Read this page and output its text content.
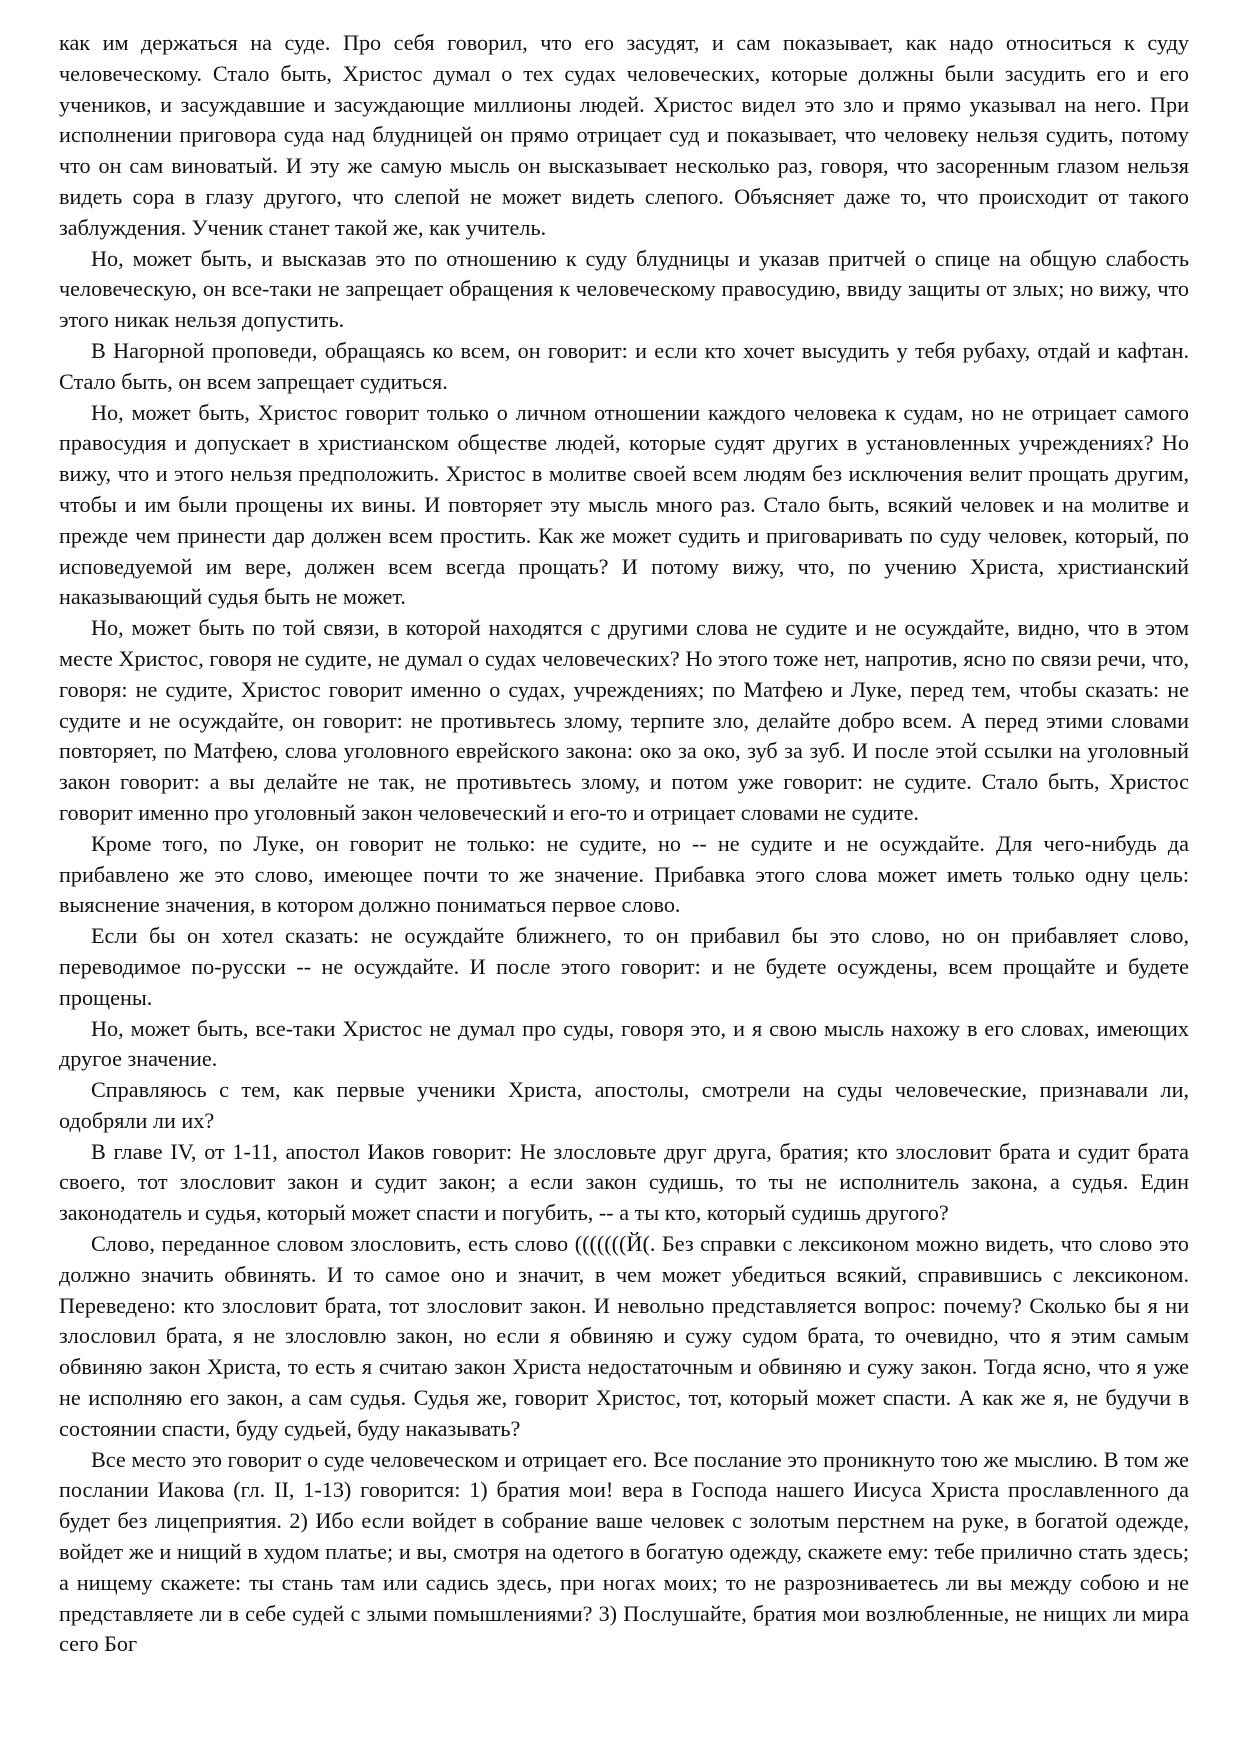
как им держаться на суде. Про себя говорил, что его засудят, и сам показывает, как надо относиться к суду человеческому. Стало быть, Христос думал о тех судах человеческих, которые должны были засудить его и его учеников, и засуждавшие и засуждающие миллионы людей. Христос видел это зло и прямо указывал на него. При исполнении приговора суда над блудницей он прямо отрицает суд и показывает, что человеку нельзя судить, потому что он сам виноватый. И эту же самую мысль он высказывает несколько раз, говоря, что засоренным глазом нельзя видеть сора в глазу другого, что слепой не может видеть слепого. Объясняет даже то, что происходит от такого заблуждения. Ученик станет такой же, как учитель.

Но, может быть, и высказав это по отношению к суду блудницы и указав притчей о спице на общую слабость человеческую, он все-таки не запрещает обращения к человеческому правосудию, ввиду защиты от злых; но вижу, что этого никак нельзя допустить.

В Нагорной проповеди, обращаясь ко всем, он говорит: и если кто хочет высудить у тебя рубаху, отдай и кафтан. Стало быть, он всем запрещает судиться.

Но, может быть, Христос говорит только о личном отношении каждого человека к судам, но не отрицает самого правосудия и допускает в христианском обществе людей, которые судят других в установленных учреждениях? Но вижу, что и этого нельзя предположить. Христос в молитве своей всем людям без исключения велит прощать другим, чтобы и им были прощены их вины. И повторяет эту мысль много раз. Стало быть, всякий человек и на молитве и прежде чем принести дар должен всем простить. Как же может судить и приговаривать по суду человек, который, по исповедуемой им вере, должен всем всегда прощать? И потому вижу, что, по учению Христа, христианский наказывающий судья быть не может.

Но, может быть по той связи, в которой находятся с другими слова не судите и не осуждайте, видно, что в этом месте Христос, говоря не судите, не думал о судах человеческих? Но этого тоже нет, напротив, ясно по связи речи, что, говоря: не судите, Христос говорит именно о судах, учреждениях; по Матфею и Луке, перед тем, чтобы сказать: не судите и не осуждайте, он говорит: не противьтесь злому, терпите зло, делайте добро всем. А перед этими словами повторяет, по Матфею, слова уголовного еврейского закона: око за око, зуб за зуб. И после этой ссылки на уголовный закон говорит: а вы делайте не так, не противьтесь злому, и потом уже говорит: не судите. Стало быть, Христос говорит именно про уголовный закон человеческий и его-то и отрицает словами не судите.

Кроме того, по Луке, он говорит не только: не судите, но -- не судите и не осуждайте. Для чего-нибудь да прибавлено же это слово, имеющее почти то же значение. Прибавка этого слова может иметь только одну цель: выяснение значения, в котором должно пониматься первое слово.

Если бы он хотел сказать: не осуждайте ближнего, то он прибавил бы это слово, но он прибавляет слово, переводимое по-русски -- не осуждайте. И после этого говорит: и не будете осуждены, всем прощайте и будете прощены.

Но, может быть, все-таки Христос не думал про суды, говоря это, и я свою мысль нахожу в его словах, имеющих другое значение.

Справляюсь с тем, как первые ученики Христа, апостолы, смотрели на суды человеческие, признавали ли, одобряли ли их?

В главе IV, от 1-11, апостол Иаков говорит: Не злословьте друг друга, братия; кто злословит брата и судит брата своего, тот злословит закон и судит закон; а если закон судишь, то ты не исполнитель закона, а судья. Един законодатель и судья, который может спасти и погубить, -- а ты кто, который судишь другого?

Слово, переданное словом злословить, есть слово (((((((Й(. Без справки с лексиконом можно видеть, что слово это должно значить обвинять. И то самое оно и значит, в чем может убедиться всякий, справившись с лексиконом. Переведено: кто злословит брата, тот злословит закон. И невольно представляется вопрос: почему? Сколько бы я ни злословил брата, я не злословлю закон, но если я обвиняю и сужу судом брата, то очевидно, что я этим самым обвиняю закон Христа, то есть я считаю закон Христа недостаточным и обвиняю и сужу закон. Тогда ясно, что я уже не исполняю его закон, а сам судья. Судья же, говорит Христос, тот, который может спасти. А как же я, не будучи в состоянии спасти, буду судьей, буду наказывать?

Все место это говорит о суде человеческом и отрицает его. Все послание это проникнуто тою же мыслию. В том же послании Иакова (гл. II, 1-13) говорится: 1) братия мои! вера в Господа нашего Иисуса Христа прославленного да будет без лицеприятия. 2) Ибо если войдет в собрание ваше человек с золотым перстнем на руке, в богатой одежде, войдет же и нищий в худом платье; и вы, смотря на одетого в богатую одежду, скажете ему: тебе прилично стать здесь; а нищему скажете: ты стань там или садись здесь, при ногах моих; то не разрозниваетесь ли вы между собою и не представляете ли в себе судей с злыми помышлениями? 3) Послушайте, братия мои возлюбленные, не нищих ли мира сего Бог
